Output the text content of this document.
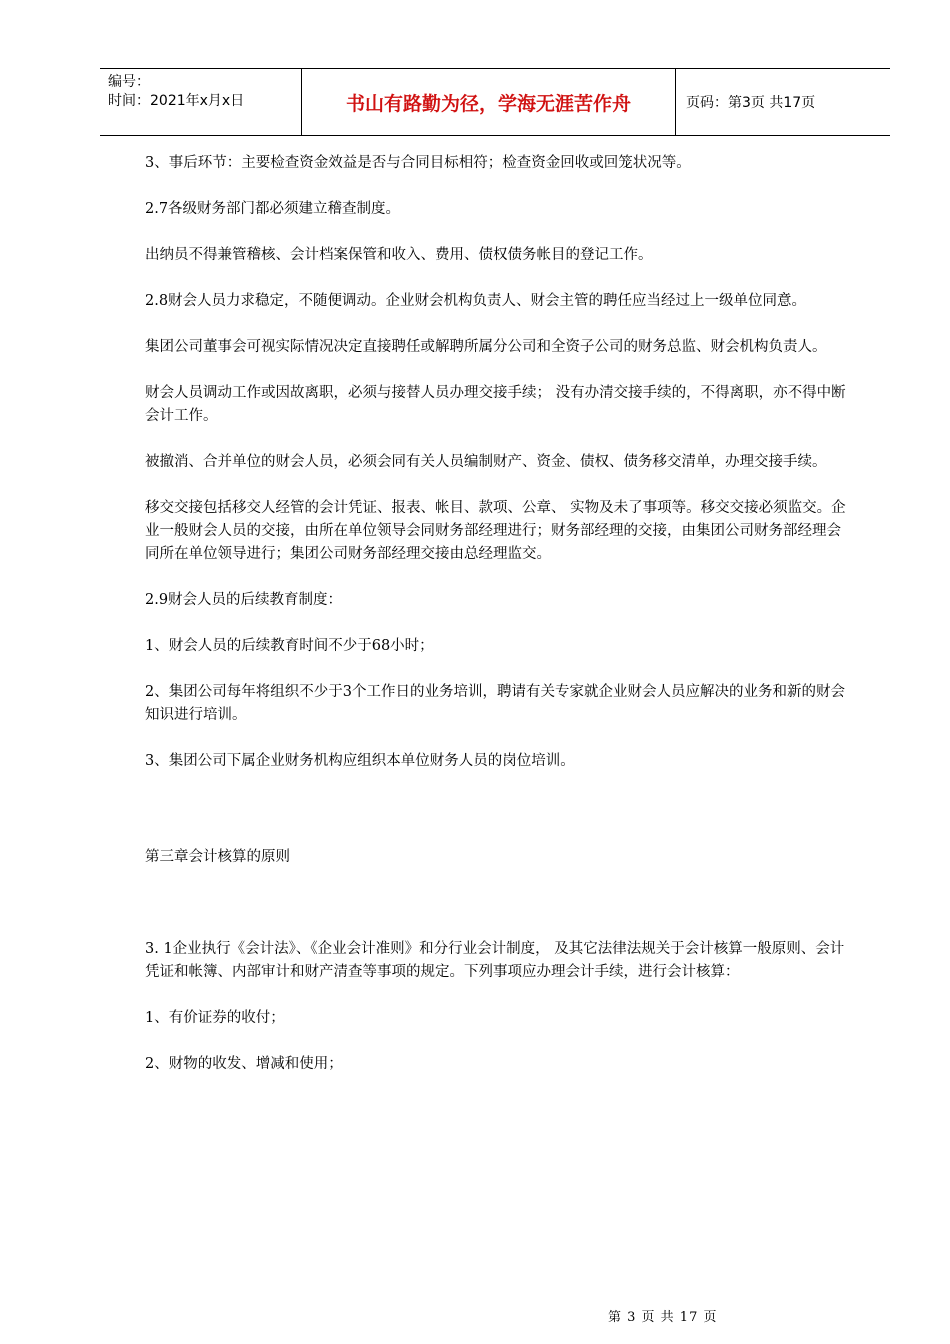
编号：
时间：2021年x月x日	书山有路勤为径，学海无涯苦作舟	页码：第3页 共17页

3、事后环节：主要检查资金效益是否与合同目标相符；检查资金回收或回笼状况等。

2.7各级财务部门都必须建立稽查制度。

出纳员不得兼管稽核、会计档案保管和收入、费用、债权债务帐目的登记工作。

2.8财会人员力求稳定，不随便调动。企业财会机构负责人、财会主管的聘任应当经过上一级单位同意。

集团公司董事会可视实际情况决定直接聘任或解聘所属分公司和全资子公司的财务总监、财会机构负责人。

财会人员调动工作或因故离职，必须与接替人员办理交接手续； 没有办清交接手续的，不得离职，亦不得中断会计工作。

被撤消、合并单位的财会人员，必须会同有关人员编制财产、资金、债权、债务移交清单，办理交接手续。

移交交接包括移交人经管的会计凭证、报表、帐目、款项、公章、 实物及未了事项等。移交交接必须监交。企业一般财会人员的交接，由所在单位领导会同财务部经理进行；财务部经理的交接，由集团公司财务部经理会同所在单位领导进行；集团公司财务部经理交接由总经理监交。

2.9财会人员的后续教育制度：

1、财会人员的后续教育时间不少于68小时；

2、集团公司每年将组织不少于3个工作日的业务培训，聘请有关专家就企业财会人员应解决的业务和新的财会知识进行培训。

3、集团公司下属企业财务机构应组织本单位财务人员的岗位培训。

第三章会计核算的原则

3. 1企业执行《会计法》、《企业会计准则》和分行业会计制度， 及其它法律法规关于会计核算一般原则、会计凭证和帐簿、内部审计和财产清查等事项的规定。下列事项应办理会计手续，进行会计核算：

1、有价证券的收付；

2、财物的收发、增减和使用；

第 3 页 共 17 页
